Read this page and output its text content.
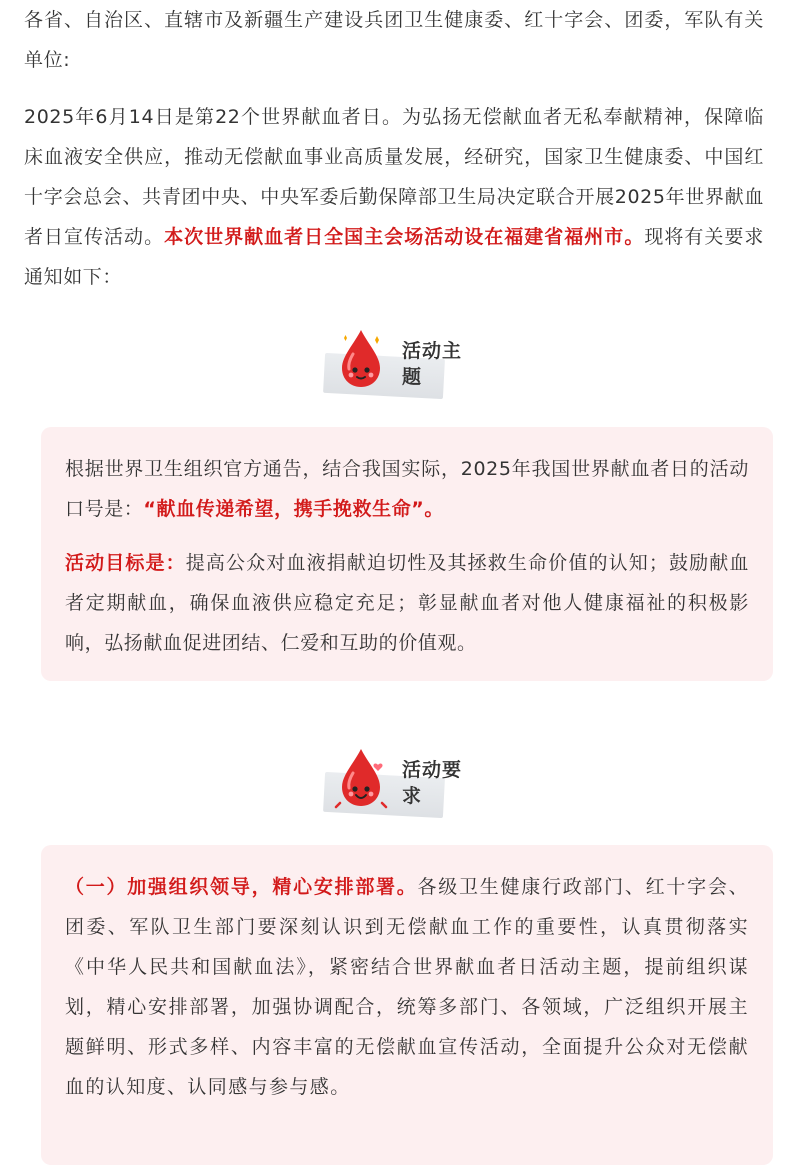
各省、自治区、直辖市及新疆生产建设兵团卫生健康委、红十字会、团委，军队有关单位:

2025年6月14日是第22个世界献血者日。为弘扬无偿献血者无私奉献精神，保障临床血液安全供应，推动无偿献血事业高质量发展，经研究，国家卫生健康委、中国红十字会总会、共青团中央、中央军委后勤保障部卫生局决定联合开展2025年世界献血者日宣传活动。本次世界献血者日全国主会场活动设在福建省福州市。现将有关要求通知如下：

活动主题

根据世界卫生组织官方通告，结合我国实际，2025年我国世界献血者日的活动口号是：“献血传递希望，携手挽救生命”。

活动目标是：提高公众对血液捐献迫切性及其拯救生命价值的认知；鼓励献血者定期献血，确保血液供应稳定充足；彰显献血者对他人健康福祉的积极影响，弘扬献血促进团结、仁爱和互助的价值观。

活动要求

（一）加强组织领导，精心安排部署。各级卫生健康行政部门、红十字会、团委、军队卫生部门要深刻认识到无偿献血工作的重要性，认真贯彻落实《中华人民共和国献血法》，紧密结合世界献血者日活动主题，提前组织谋划，精心安排部署，加强协调配合，统筹多部门、各领域，广泛组织开展主题鲜明、形式多样、内容丰富的无偿献血宣传活动，全面提升公众对无偿献血的认知度、认同感与参与感。
